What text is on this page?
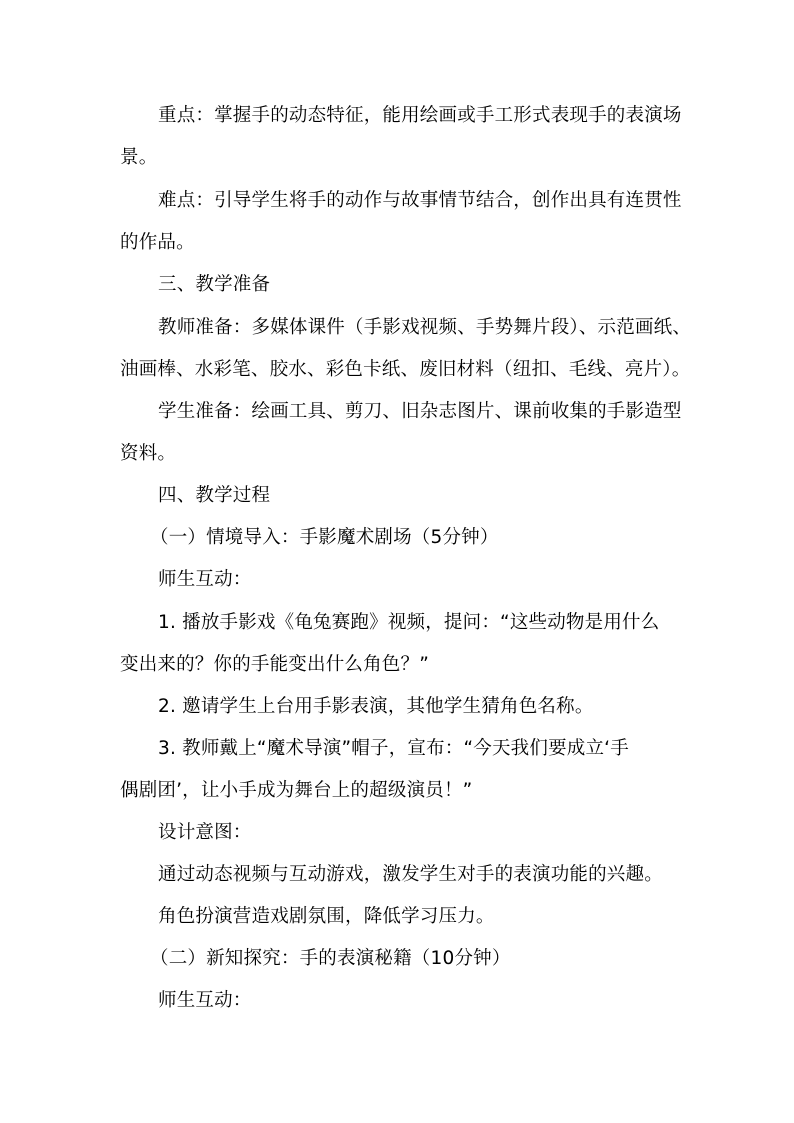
重点：掌握手的动态特征，能用绘画或手工形式表现手的表演场
景。
难点：引导学生将手的动作与故事情节结合，创作出具有连贯性
的作品。
三、教学准备
教师准备：多媒体课件（手影戏视频、手势舞片段）、示范画纸、
油画棒、水彩笔、胶水、彩色卡纸、废旧材料（纽扣、毛线、亮片）。
学生准备：绘画工具、剪刀、旧杂志图片、课前收集的手影造型
资料。
四、教学过程
（一）情境导入：手影魔术剧场（5分钟）
师生互动：
1. 播放手影戏《龟兔赛跑》视频，提问：“这些动物是用什么
变出来的？你的手能变出什么角色？”
2. 邀请学生上台用手影表演，其他学生猜角色名称。
3. 教师戴上“魔术导演”帽子，宣布：“今天我们要成立‘手
偶剧团’，让小手成为舞台上的超级演员！”
设计意图：
通过动态视频与互动游戏，激发学生对手的表演功能的兴趣。
角色扮演营造戏剧氛围，降低学习压力。
（二）新知探究：手的表演秘籍（10分钟）
师生互动：
